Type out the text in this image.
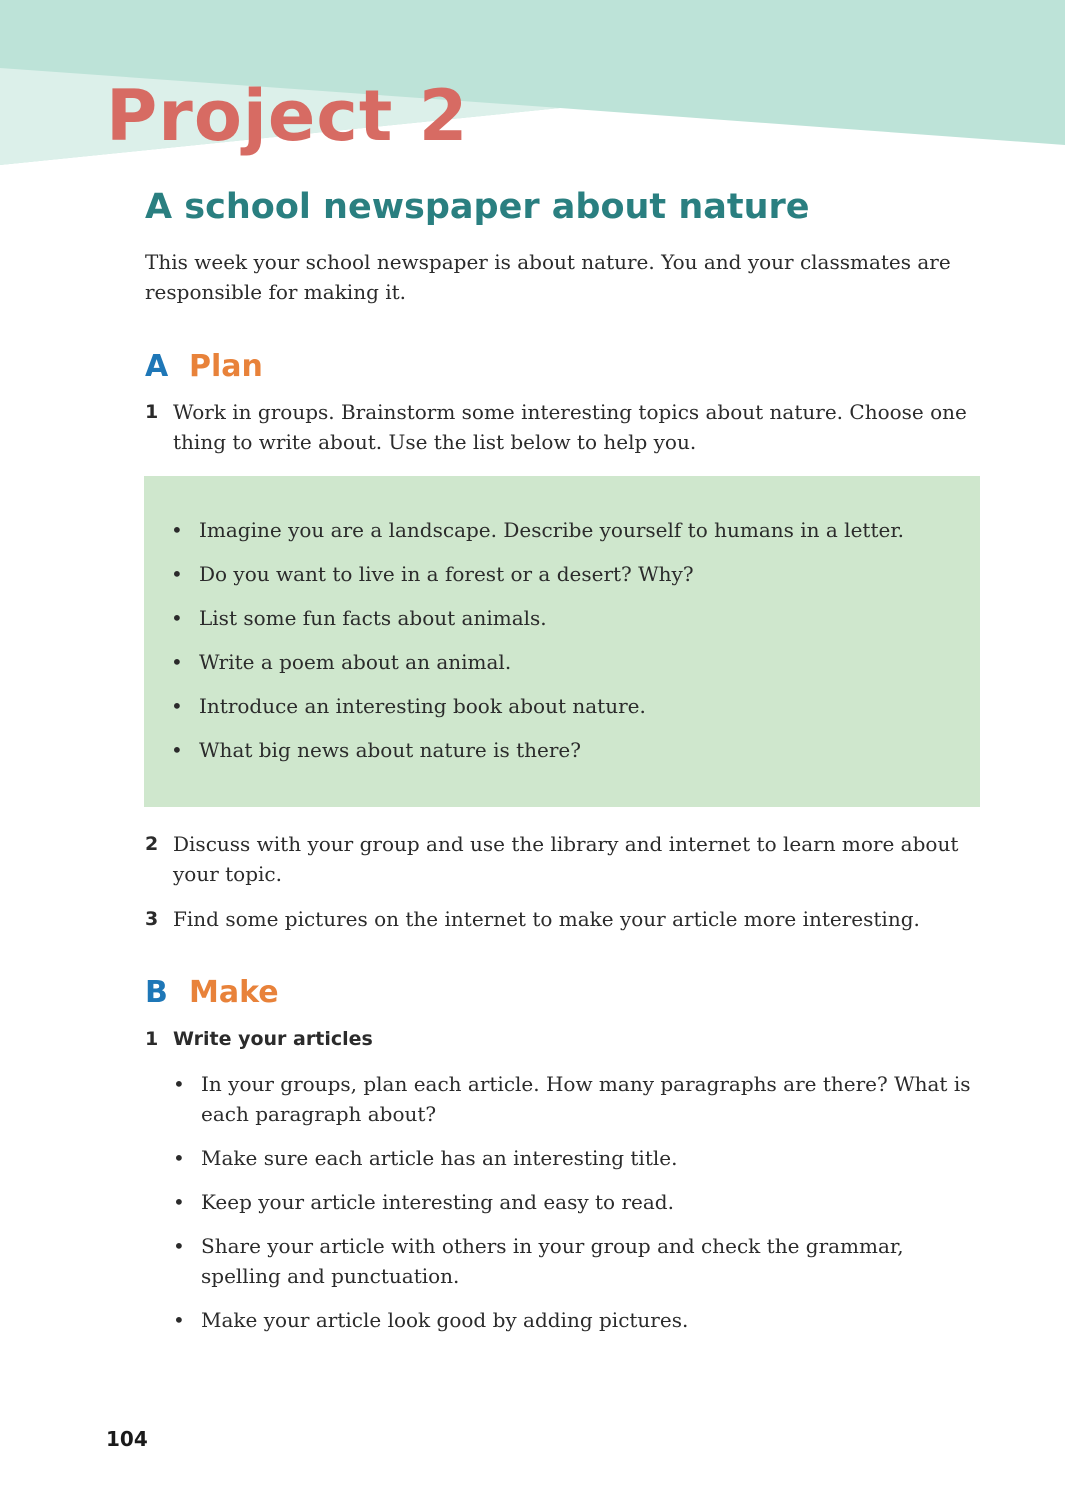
Project 2
A school newspaper about nature

This week your school newspaper is about nature. You and your classmates are responsible for making it.

A Plan
1 Work in groups. Brainstorm some interesting topics about nature. Choose one thing to write about. Use the list below to help you.
• Imagine you are a landscape. Describe yourself to humans in a letter.
• Do you want to live in a forest or a desert? Why?
• List some fun facts about animals.
• Write a poem about an animal.
• Introduce an interesting book about nature.
• What big news about nature is there?
2 Discuss with your group and use the library and internet to learn more about your topic.
3 Find some pictures on the internet to make your article more interesting.
B Make
1 Write your articles
• In your groups, plan each article. How many paragraphs are there? What is each paragraph about?
• Make sure each article has an interesting title.
• Keep your article interesting and easy to read.
• Share your article with others in your group and check the grammar, spelling and punctuation.
• Make your article look good by adding pictures.

104
